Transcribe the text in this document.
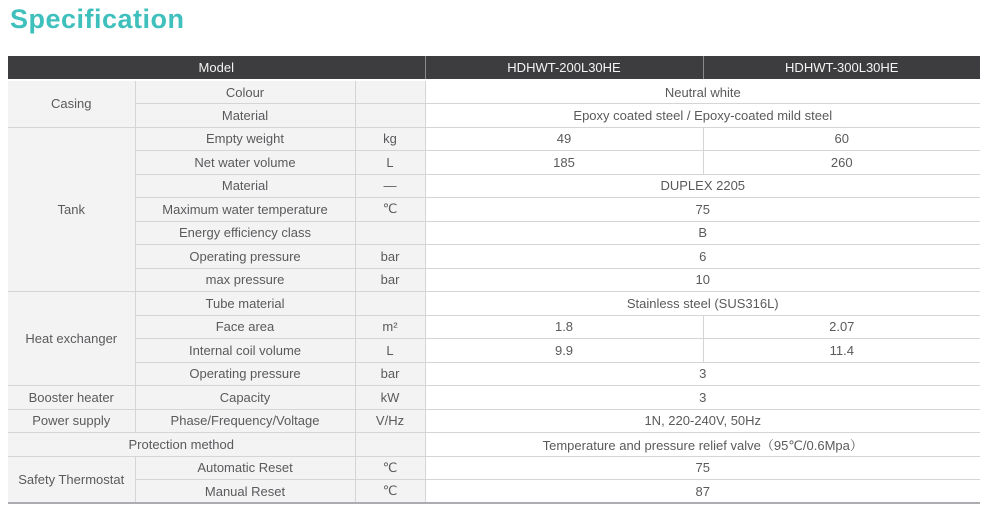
Specification
Model			HDHWT-200L30HE	HDHWT-300L30HE
Casing	Colour		Neutral white	
	Material		Epoxy coated steel / Epoxy-coated mild steel	
Tank	Empty weight	kg	49	60
	Net water volume	L	185	260
	Material	—	DUPLEX 2205	
	Maximum water temperature	℃	75	
	Energy efficiency class		B	
	Operating pressure	bar	6	
	max pressure	bar	10	
Heat exchanger	Tube material		Stainless steel (SUS316L)	
	Face area	m²	1.8	2.07
	Internal coil volume	L	9.9	11.4
	Operating pressure	bar	3	
Booster heater	Capacity	kW	3	
Power supply	Phase/Frequency/Voltage	V/Hz	1N, 220-240V, 50Hz	
Protection method			Temperature and pressure relief valve（95℃/0.6Mpa）	
Safety Thermostat	Automatic Reset	℃	75	
	Manual Reset	℃	87	
